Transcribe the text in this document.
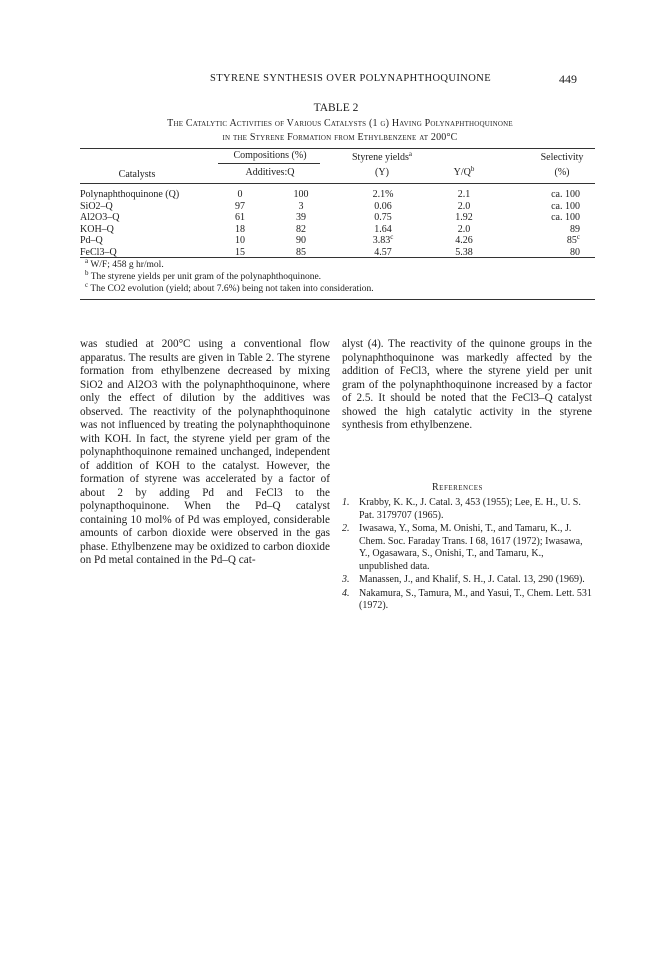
STYRENE SYNTHESIS OVER POLYNAPHTHOQUINONE	449
TABLE 2
The Catalytic Activities of Various Catalysts (1 g) Having Polynaphthoquinone
in the Styrene Formation from Ethylbenzene at 200°C
Compositions (%)	Styrene yields$^a$	Selectivity
Catalysts	Additives:Q	(Y)	$Y/Q^b$	(%)
Polynaphthoquinone (Q)	0	100	2.1%	2.1	ca. 100
SiO2–Q	97	3	0.06	2.0	ca. 100
Al2O3–Q	61	39	0.75	1.92	ca. 100
KOH–Q	18	82	1.64	2.0	89
Pd–Q	10	90	3.83$^c$	4.26	85$^c$
FeCl3–Q	15	85	4.57	5.38	80
$^a$ W/F; 458 g hr/mol.
$^b$ The styrene yields per unit gram of the polynaphthoquinone.
$^c$ The CO2 evolution (yield; about 7.6%) being not taken into consideration.

was studied at 200°C using a conventional flow apparatus. The results are given in Table 2. The styrene formation from ethylbenzene decreased by mixing SiO2 and Al2O3 with the polynaphthoquinone, where only the effect of dilution by the additives was observed. The reactivity of the polynaphthoquinone was not influenced by treating the polynaphthoquinone with KOH. In fact, the styrene yield per gram of the polynaphthoquinone remained unchanged, independent of addition of KOH to the catalyst. However, the formation of styrene was accelerated by a factor of about 2 by adding Pd and FeCl3 to the polynapthoquinone. When the Pd–Q catalyst containing 10 mol% of Pd was employed, considerable amounts of carbon dioxide were observed in the gas phase. Ethylbenzene may be oxidized to carbon dioxide on Pd metal contained in the Pd–Q cat-

alyst (4). The reactivity of the quinone groups in the polynaphthoquinone was markedly affected by the addition of FeCl3, where the styrene yield per unit gram of the polynaphthoquinone increased by a factor of 2.5. It should be noted that the FeCl3–Q catalyst showed the high catalytic activity in the styrene synthesis from ethylbenzene.

References
1. Krabby, K. K., J. Catal. 3, 453 (1955); Lee, E. H., U. S. Pat. 3179707 (1965).
2. Iwasawa, Y., Soma, M. Onishi, T., and Tamaru, K., J. Chem. Soc. Faraday Trans. I 68, 1617 (1972); Iwasawa, Y., Ogasawara, S., Onishi, T., and Tamaru, K., unpublished data.
3. Manassen, J., and Khalif, S. H., J. Catal. 13, 290 (1969).
4. Nakamura, S., Tamura, M., and Yasui, T., Chem. Lett. 531 (1972).
